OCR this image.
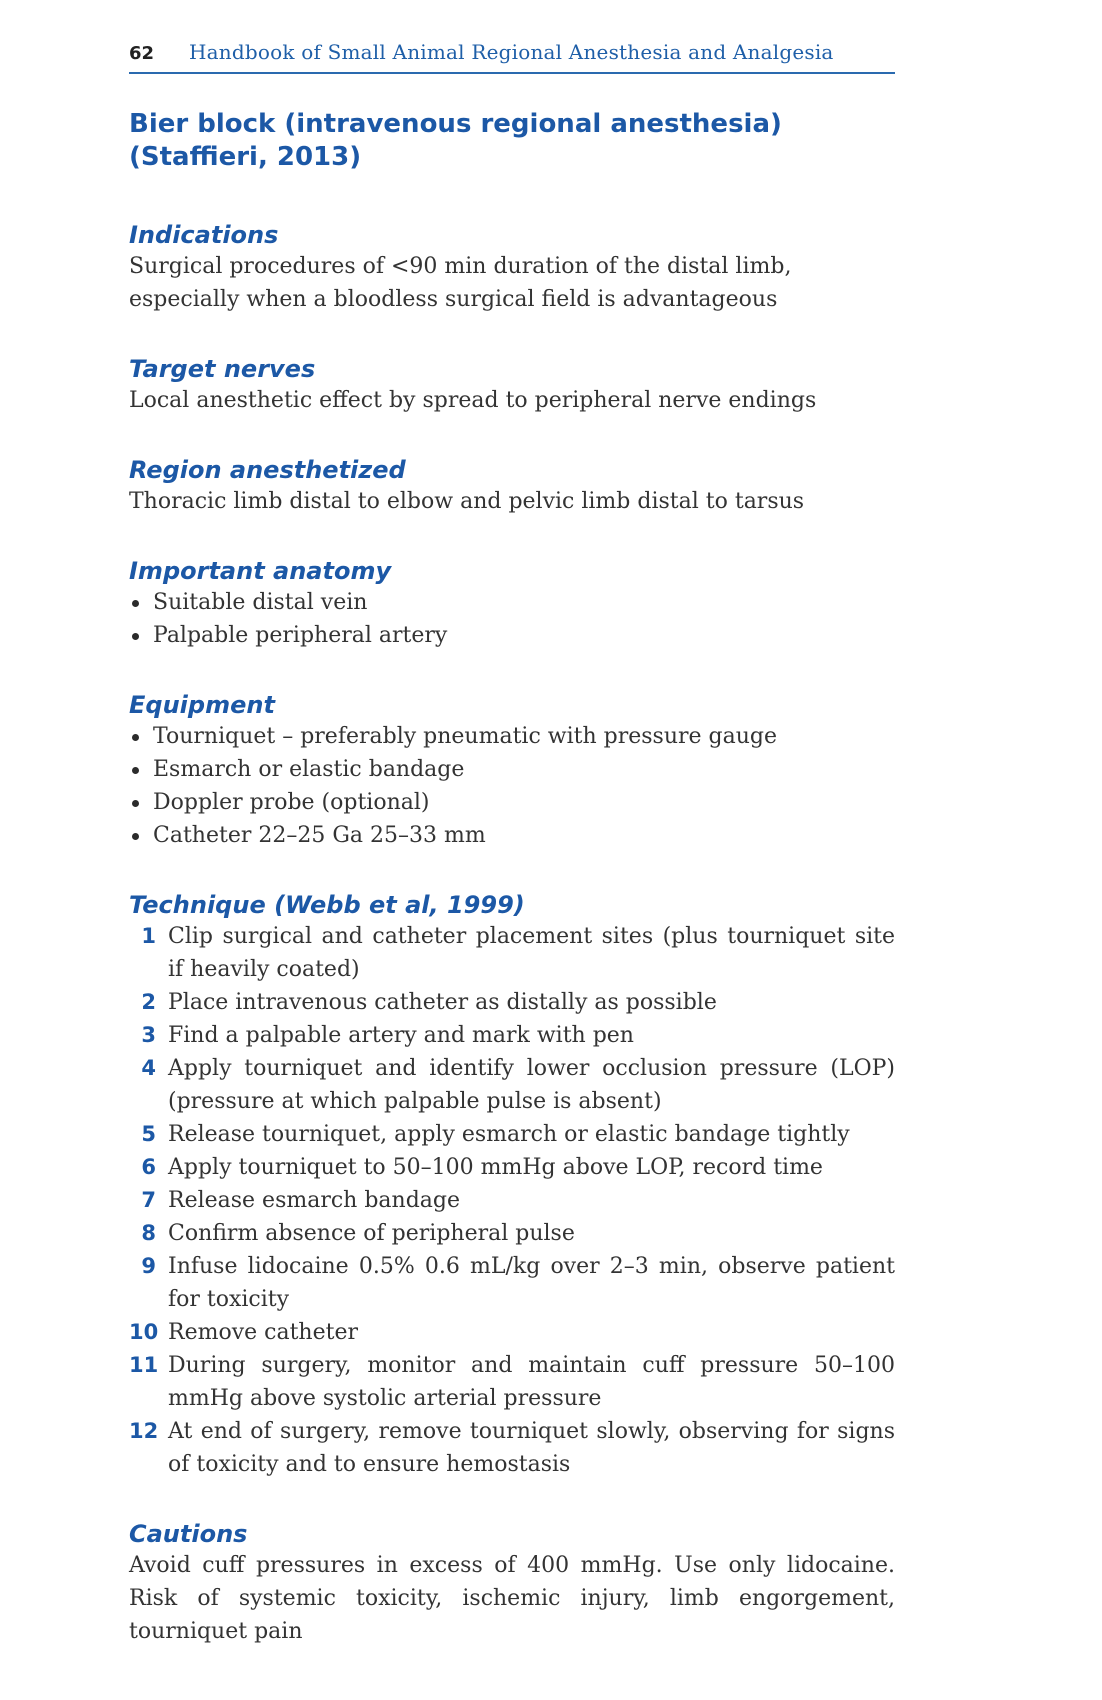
62	Handbook of Small Animal Regional Anesthesia and Analgesia
Bier block (intravenous regional anesthesia) (Staffieri, 2013)
Indications
Surgical procedures of <90 min duration of the distal limb, especially when a bloodless surgical field is advantageous
Target nerves
Local anesthetic effect by spread to peripheral nerve endings
Region anesthetized
Thoracic limb distal to elbow and pelvic limb distal to tarsus
Important anatomy
Suitable distal vein
Palpable peripheral artery
Equipment
Tourniquet – preferably pneumatic with pressure gauge
Esmarch or elastic bandage
Doppler probe (optional)
Catheter 22–25 Ga 25–33 mm
Technique (Webb et al, 1999)
1 Clip surgical and catheter placement sites (plus tourniquet site if heavily coated)
2 Place intravenous catheter as distally as possible
3 Find a palpable artery and mark with pen
4 Apply tourniquet and identify lower occlusion pressure (LOP) (pressure at which palpable pulse is absent)
5 Release tourniquet, apply esmarch or elastic bandage tightly
6 Apply tourniquet to 50–100 mmHg above LOP, record time
7 Release esmarch bandage
8 Confirm absence of peripheral pulse
9 Infuse lidocaine 0.5% 0.6 mL/kg over 2–3 min, observe patient for toxicity
10 Remove catheter
11 During surgery, monitor and maintain cuff pressure 50–100 mmHg above systolic arterial pressure
12 At end of surgery, remove tourniquet slowly, observing for signs of toxicity and to ensure hemostasis
Cautions
Avoid cuff pressures in excess of 400 mmHg. Use only lidocaine. Risk of systemic toxicity, ischemic injury, limb engorgement, tourniquet pain
